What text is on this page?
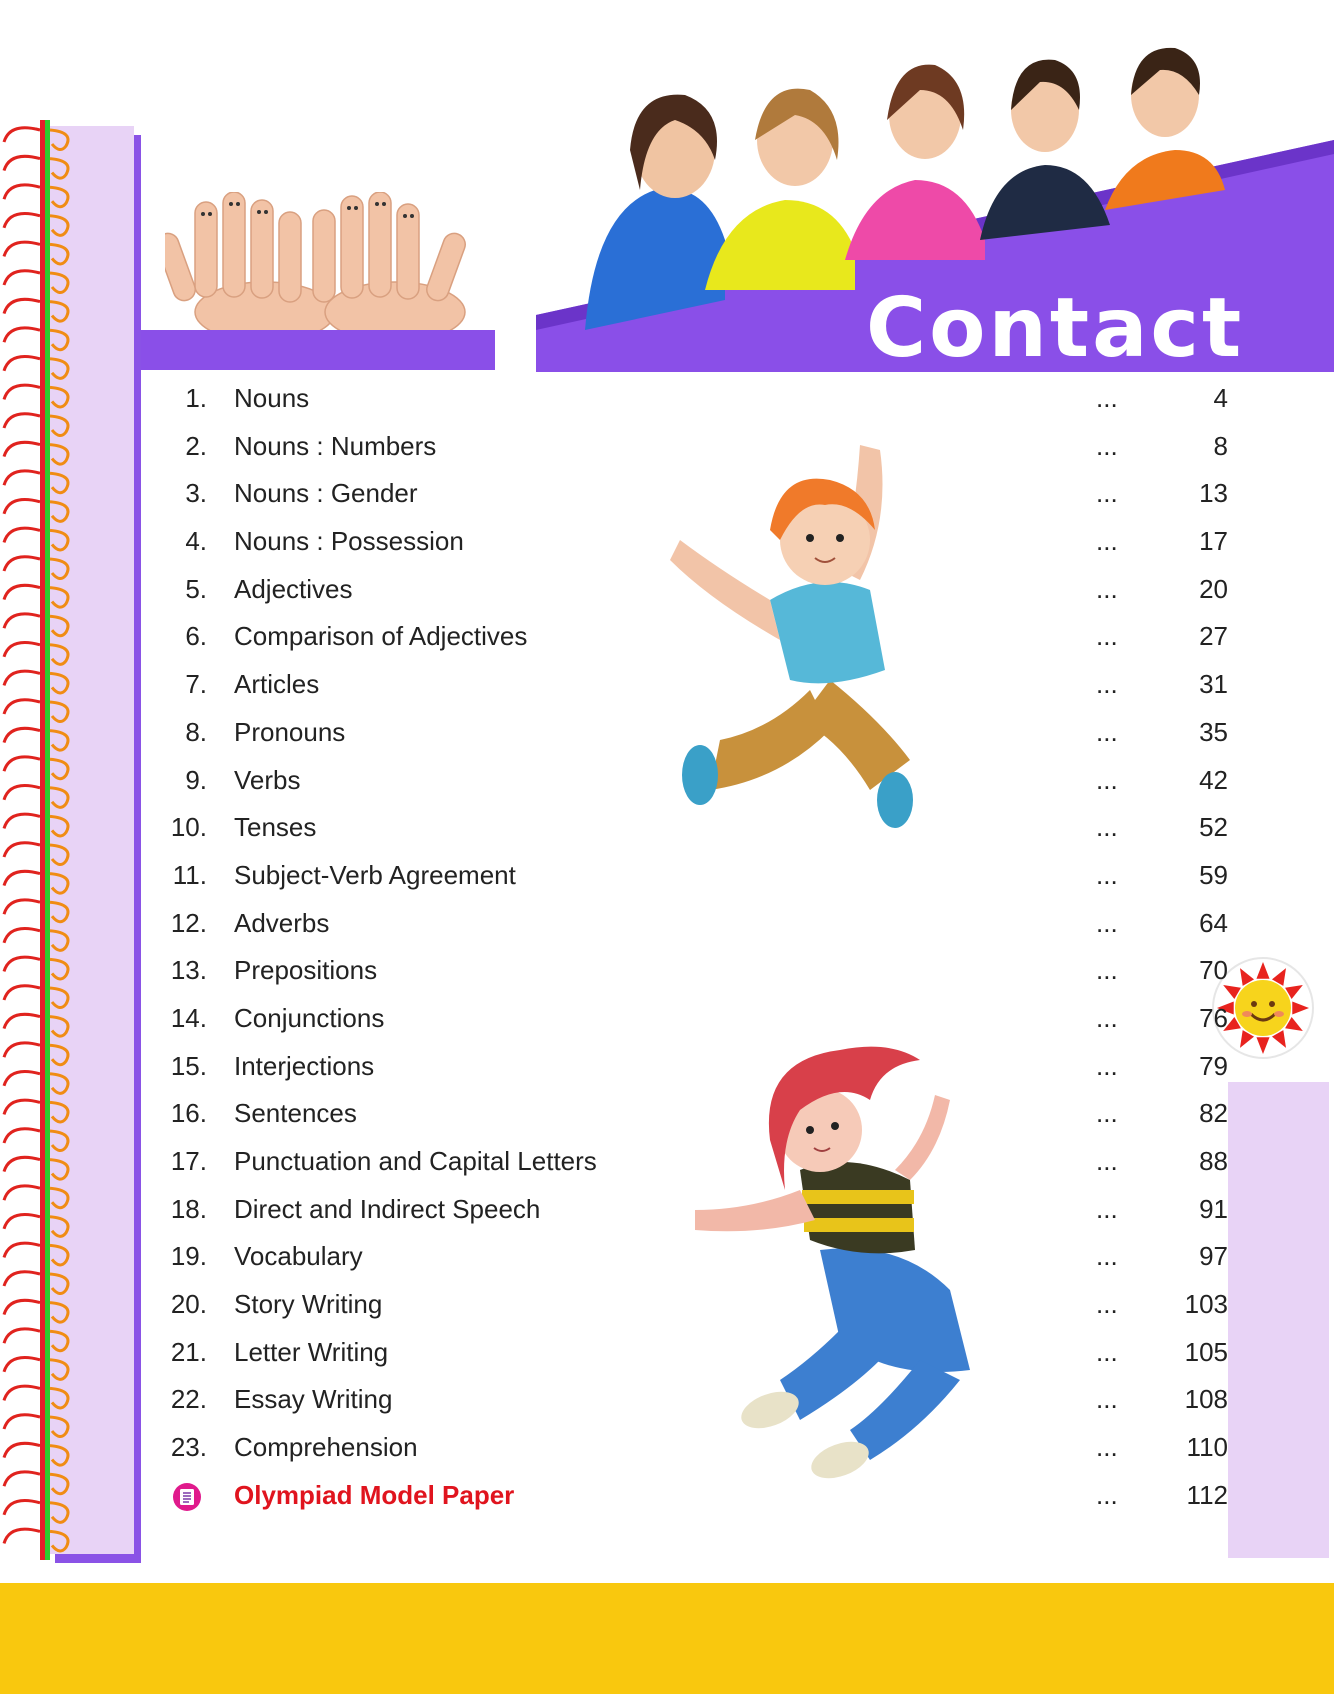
Contact
1. Nouns	...	4
2. Nouns : Numbers	...	8
3. Nouns : Gender	...	13
4. Nouns : Possession	...	17
5. Adjectives	...	20
6. Comparison of Adjectives	...	27
7. Articles	...	31
8. Pronouns	...	35
9. Verbs	...	42
10. Tenses	...	52
11. Subject-Verb Agreement	...	59
12. Adverbs	...	64
13. Prepositions	...	70
14. Conjunctions	...	76
15. Interjections	...	79
16. Sentences	...	82
17. Punctuation and Capital Letters	...	88
18. Direct and Indirect Speech	...	91
19. Vocabulary	...	97
20. Story Writing	...	103
21. Letter Writing	...	105
22. Essay Writing	...	108
23. Comprehension	...	110
Olympiad Model Paper	...	112
